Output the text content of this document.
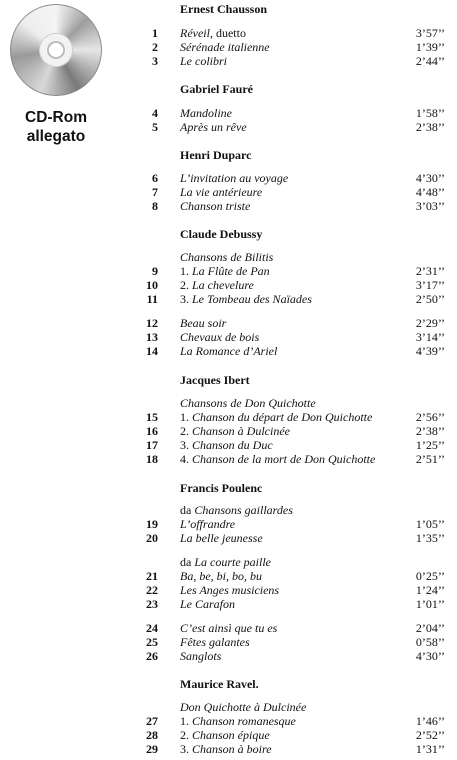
CD-Rom
allegato
Ernest Chausson
1 Réveil, duetto	3’57’’
2 Sérénade italienne	1’39’’
3 Le colibri	2’44’’
Gabriel Fauré
4 Mandoline	1’58’’
5 Après un rêve	2’38’’
Henri Duparc
6 L’invitation au voyage	4’30’’
7 La vie antérieure	4’48’’
8 Chanson triste	3’03’’
Claude Debussy
Chansons de Bilitis
9 1. La Flûte de Pan	2’31’’
10 2. La chevelure	3’17’’
11 3. Le Tombeau des Naïades	2’50’’
12 Beau soir	2’29’’
13 Chevaux de bois	3’14’’
14 La Romance d’Ariel	4’39’’
Jacques Ibert
Chansons de Don Quichotte
15 1. Chanson du départ de Don Quichotte	2’56’’
16 2. Chanson à Dulcinée	2’38’’
17 3. Chanson du Duc	1’25’’
18 4. Chanson de la mort de Don Quichotte	2’51’’
Francis Poulenc
da Chansons gaillardes
da La courte paille
19 L’offrandre	1’05’’
20 La belle jeunesse	1’35’’
21 Ba, be, bi, bo, bu	0’25’’
22 Les Anges musiciens	1’24’’
23 Le Carafon	1’01’’
24 C’est ainsì que tu es	2’04’’
25 Fêtes galantes	0’58’’
26 Sanglots	4’30’’
Maurice Ravel.
Don Quichotte à Dulcinée
27 1. Chanson romanesque	1’46’’
28 2. Chanson épique	2’52’’
29 3. Chanson à boire	1’31’’
